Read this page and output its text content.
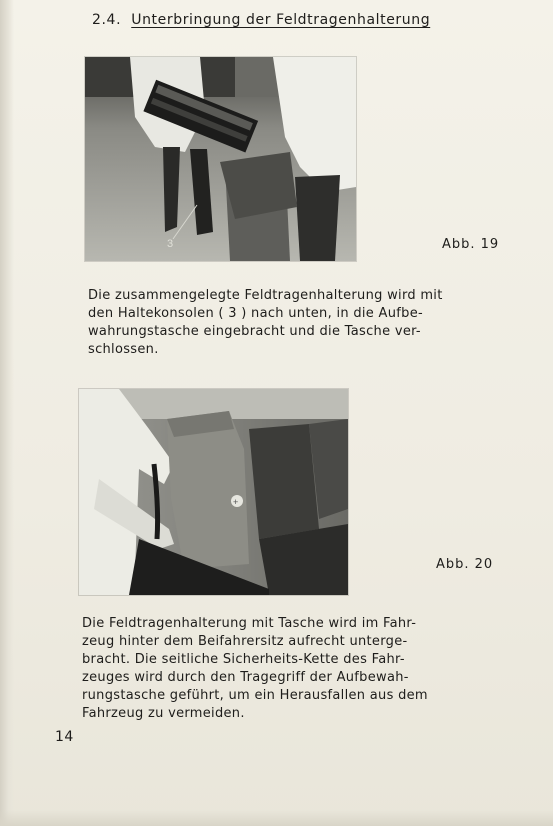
2.4. Unterbringung der Feldtragenhalterung
3	Abb. 19
Die zusammengelegte Feldtragenhalterung wird mit
den Haltekonsolen ( 3 ) nach unten, in die Aufbe-
wahrungstasche eingebracht und die Tasche ver-
schlossen.
+
Abb. 20
Die Feldtragenhalterung mit Tasche wird im Fahr-
zeug hinter dem Beifahrersitz aufrecht unterge-
bracht. Die seitliche Sicherheits-Kette des Fahr-
zeuges wird durch den Tragegriff der Aufbewah-
rungstasche geführt, um ein Herausfallen aus dem
Fahrzeug zu vermeiden.
14
